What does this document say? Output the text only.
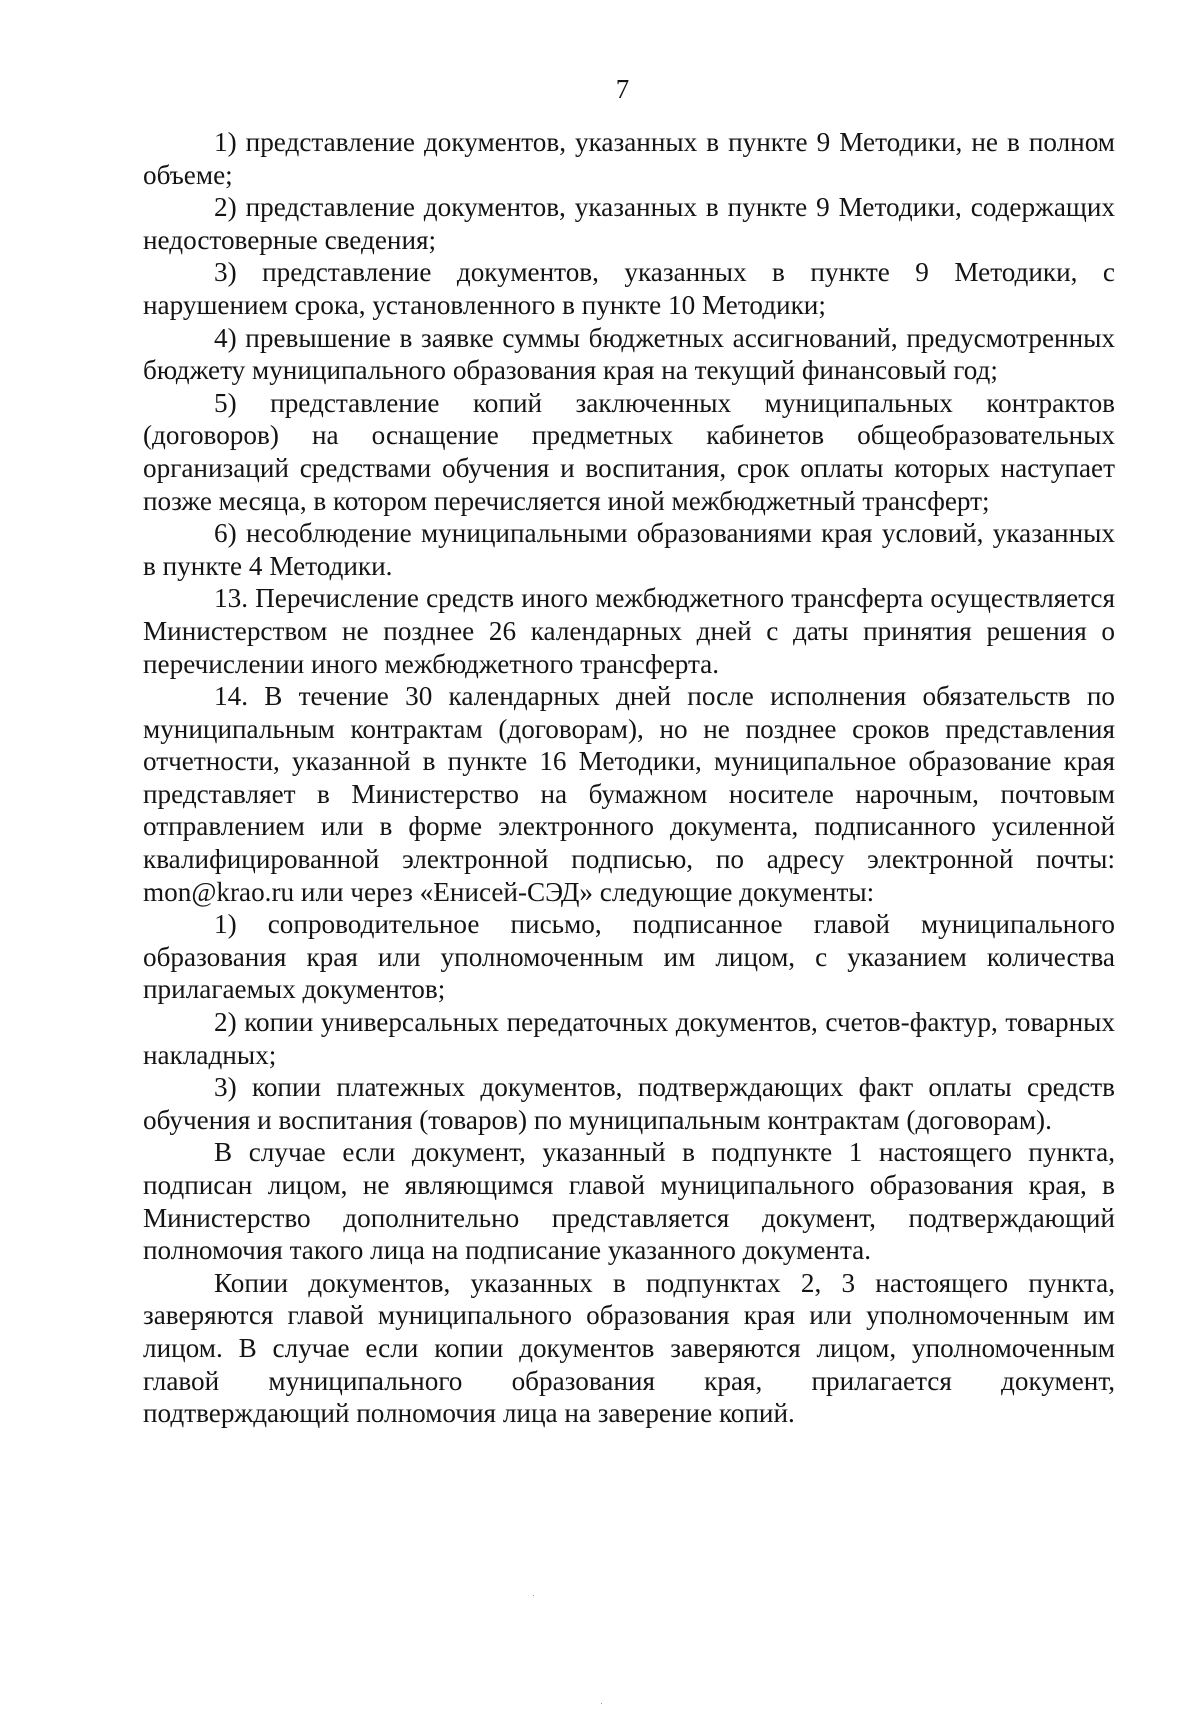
7

1) представление документов, указанных в пункте 9 Методики, не в полном объеме;

2) представление документов, указанных в пункте 9 Методики, содержащих недостоверные сведения;

3) представление документов, указанных в пункте 9 Методики, с нарушением срока, установленного в пункте 10 Методики;

4) превышение в заявке суммы бюджетных ассигнований, предусмотренных бюджету муниципального образования края на текущий финансовый год;

5) представление копий заключенных муниципальных контрактов (договоров) на оснащение предметных кабинетов общеобразовательных организаций средствами обучения и воспитания, срок оплаты которых наступает позже месяца, в котором перечисляется иной межбюджетный трансферт;

6) несоблюдение муниципальными образованиями края условий, указанных в пункте 4 Методики.

13. Перечисление средств иного межбюджетного трансферта осуществляется Министерством не позднее 26 календарных дней с даты принятия решения о перечислении иного межбюджетного трансферта.

14. В течение 30 календарных дней после исполнения обязательств по муниципальным контрактам (договорам), но не позднее сроков представления отчетности, указанной в пункте 16 Методики, муниципальное образование края представляет в Министерство на бумажном носителе нарочным, почтовым отправлением или в форме электронного документа, подписанного усиленной квалифицированной электронной подписью, по адресу электронной почты: mon@krao.ru или через «Енисей-СЭД» следующие документы:

1) сопроводительное письмо, подписанное главой муниципального образования края или уполномоченным им лицом, с указанием количества прилагаемых документов;

2) копии универсальных передаточных документов, счетов-фактур, товарных накладных;

3) копии платежных документов, подтверждающих факт оплаты средств обучения и воспитания (товаров) по муниципальным контрактам (договорам).

В случае если документ, указанный в подпункте 1 настоящего пункта, подписан лицом, не являющимся главой муниципального образования края, в Министерство дополнительно представляется документ, подтверждающий полномочия такого лица на подписание указанного документа.

Копии документов, указанных в подпунктах 2, 3 настоящего пункта, заверяются главой муниципального образования края или уполномоченным им лицом. В случае если копии документов заверяются лицом, уполномоченным главой муниципального образования края, прилагается документ, подтверждающий полномочия лица на заверение копий.
